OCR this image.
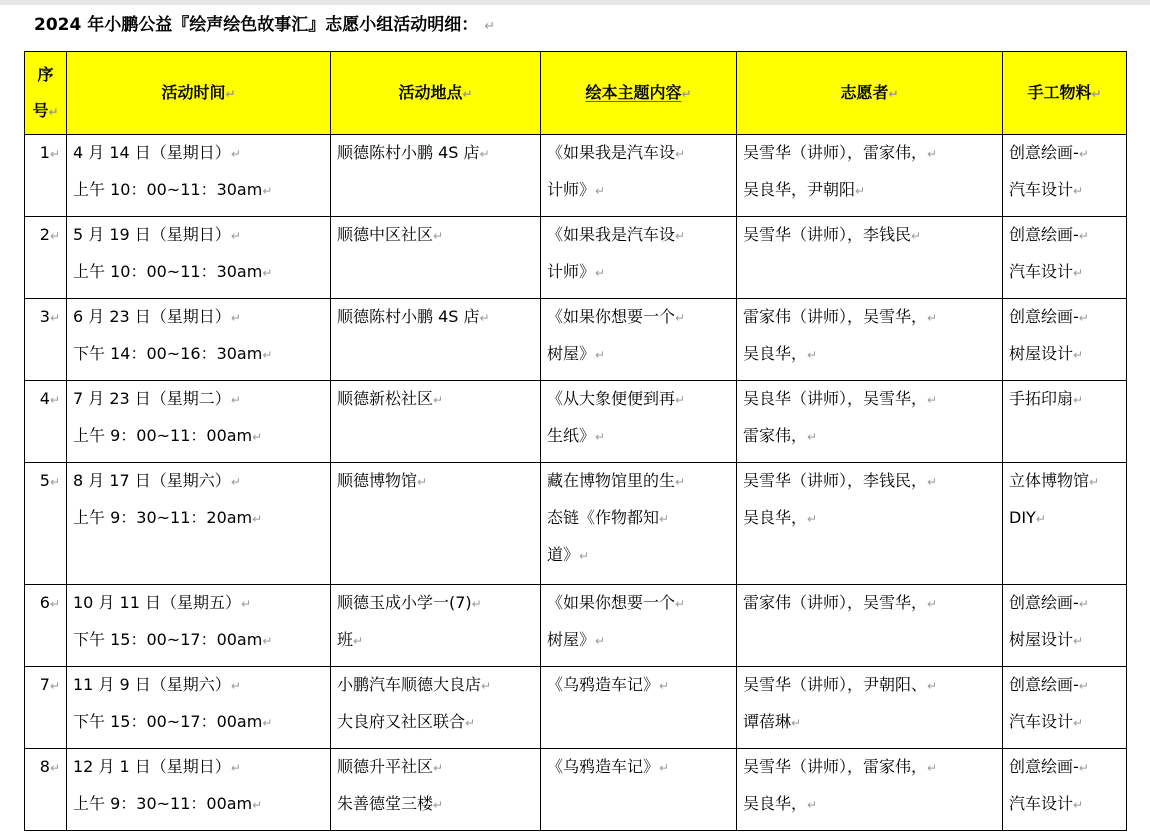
2024 年小鹏公益『绘声绘色故事汇』志愿小组活动明细： ↵
序
号↵	活动时间↵	活动地点↵	绘本主题内容↵	志愿者↵	手工物料↵

1↵	4 月 14 日（星期日）↵
上午 10：00~11：30am↵	顺德陈村小鹏 4S 店↵	《如果我是汽车设↵
计师》↵	吴雪华（讲师），雷家伟，↵
吴良华，尹朝阳↵	创意绘画-↵
汽车设计↵

2↵	5 月 19 日（星期日）↵
上午 10：00~11：30am↵	顺德中区社区↵	《如果我是汽车设↵
计师》↵	吴雪华（讲师），李钱民↵	创意绘画-↵
汽车设计↵

3↵	6 月 23 日（星期日）↵
下午 14：00~16：30am↵	顺德陈村小鹏 4S 店↵	《如果你想要一个↵
树屋》↵	雷家伟（讲师），吴雪华，↵
吴良华，↵	创意绘画-↵
树屋设计↵

4↵	7 月 23 日（星期二）↵
上午 9：00~11：00am↵	顺德新松社区↵	《从大象便便到再↵
生纸》↵	吴良华（讲师），吴雪华，↵
雷家伟，↵	手拓印扇↵

5↵	8 月 17 日（星期六）↵
上午 9：30~11：20am↵	顺德博物馆↵	藏在博物馆里的生↵
态链《作物都知↵
道》↵	吴雪华（讲师），李钱民，↵
吴良华，↵	立体博物馆↵
DIY↵

6↵	10 月 11 日（星期五）↵
下午 15：00~17：00am↵	顺德玉成小学一(7)↵
班↵	《如果你想要一个↵
树屋》↵	雷家伟（讲师），吴雪华，↵	创意绘画-↵
树屋设计↵

7↵	11 月 9 日（星期六）↵
下午 15：00~17：00am↵	小鹏汽车顺德大良店↵
大良府又社区联合↵	《乌鸦造车记》↵	吴雪华（讲师），尹朝阳、↵
谭蓓琳↵	创意绘画-↵
汽车设计↵

8↵	12 月 1 日（星期日）↵
上午 9：30~11：00am↵	顺德升平社区↵
朱善德堂三楼↵	《乌鸦造车记》↵	吴雪华（讲师），雷家伟，↵
吴良华，↵	创意绘画-↵
汽车设计↵
